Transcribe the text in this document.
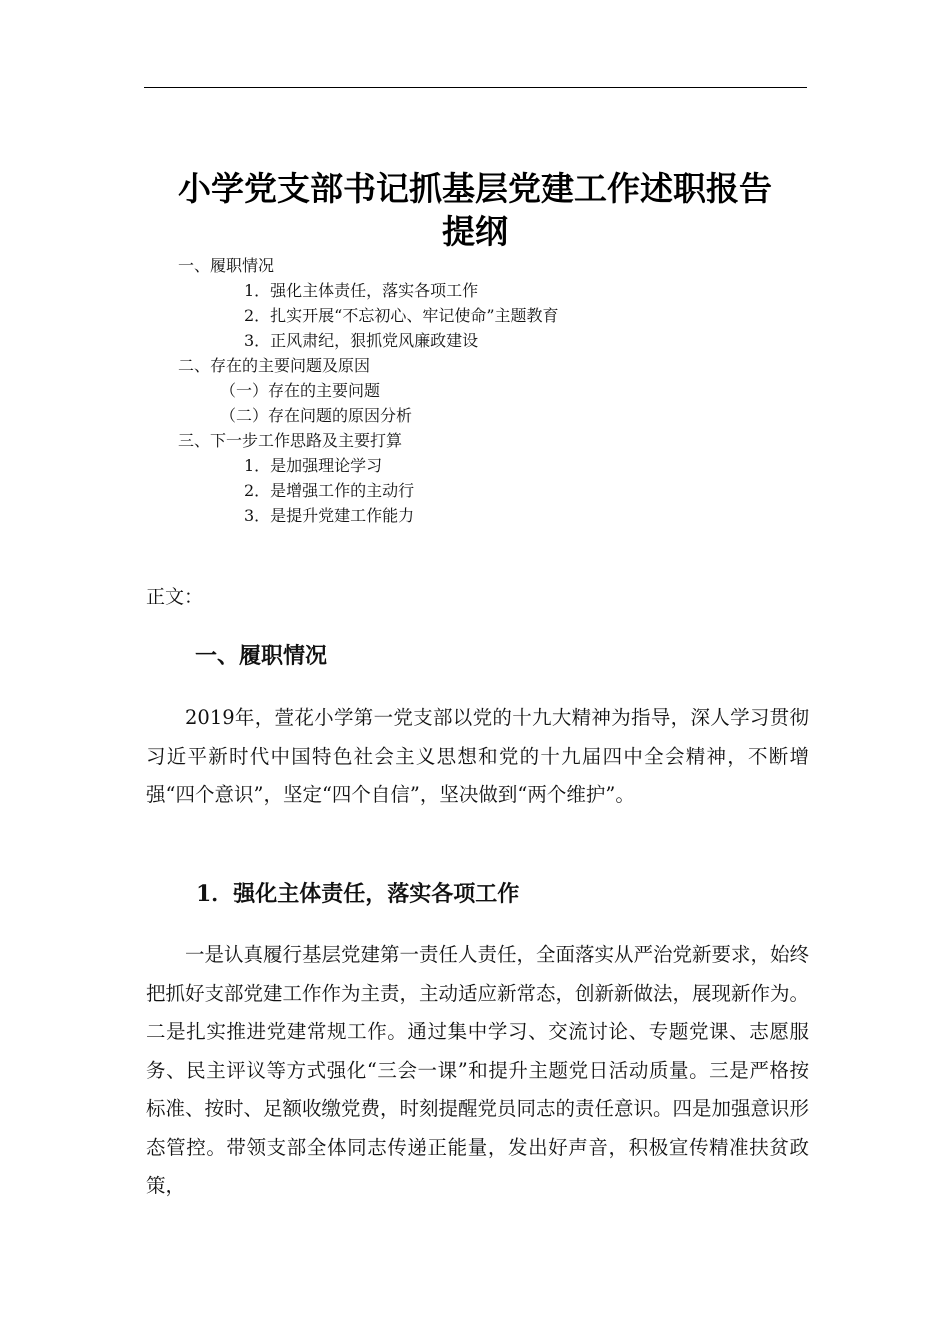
小学党支部书记抓基层党建工作述职报告
提纲
一、履职情况
1．强化主体责任，落实各项工作
2．扎实开展“不忘初心、牢记使命”主题教育
3．正风肃纪，狠抓党风廉政建设
二、存在的主要问题及原因
（一）存在的主要问题
（二）存在问题的原因分析
三、下一步工作思路及主要打算
1．是加强理论学习
2．是增强工作的主动行
3．是提升党建工作能力
正文：
一、履职情况

2019年，萱花小学第一党支部以党的十九大精神为指导，深人学习贯彻习近平新时代中国特色社会主义思想和党的十九届四中全会精神，不断增强“四个意识”，坚定“四个自信”，坚决做到“两个维护”。

1．强化主体责任，落实各项工作

一是认真履行基层党建第一责任人责任，全面落实从严治党新要求，始终把抓好支部党建工作作为主责，主动适应新常态，创新新做法，展现新作为。二是扎实推进党建常规工作。通过集中学习、交流讨论、专题党课、志愿服务、民主评议等方式强化“三会一课”和提升主题党日活动质量。三是严格按标准、按时、足额收缴党费，时刻提醒党员同志的责任意识。四是加强意识形态管控。带领支部全体同志传递正能量，发出好声音，积极宣传精准扶贫政策，
